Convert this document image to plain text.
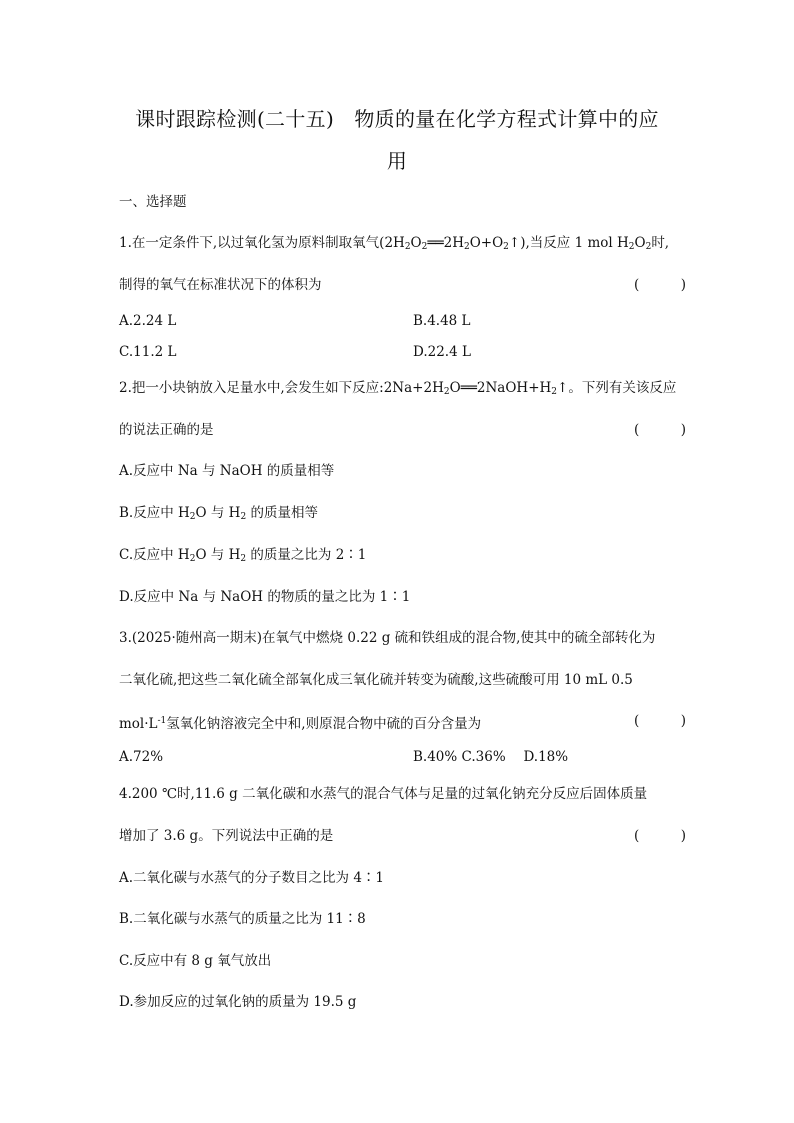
课时跟踪检测(二十五)　物质的量在化学方程式计算中的应
用
一、选择题
1.在一定条件下,以过氧化氢为原料制取氧气$(2H_2O_2══2H_2O+O_2↑)$,当反应 1 mol $H_2O_2$时,
制得的氧气在标准状况下的体积为	(　)
A.2.24 L	B.4.48 L
C.11.2 L	D.22.4 L
2.把一小块钠放入足量水中,会发生如下反应$:2Na+2H_2O══2NaOH+H_2↑$。下列有关该反应
的说法正确的是	(　)
A.反应中 Na 与 NaOH 的质量相等
B.反应中 $H_2O$ 与 $H_2$ 的质量相等
C.反应中 $H_2O$ 与 $H_2$ 的质量之比为 2∶1
D.反应中 Na 与 NaOH 的物质的量之比为 1∶1
3.(2025·随州高一期末)在氧气中燃烧 0.22 g 硫和铁组成的混合物,使其中的硫全部转化为
二氧化硫,把这些二氧化硫全部氧化成三氧化硫并转变为硫酸,这些硫酸可用 10 mL 0.5
$mol\cdot L^{-1}$氢氧化钠溶液完全中和,则原混合物中硫的百分含量为	(　)
A.72%	B.40% C.36%　 D.18%
4.200 ℃时,11.6 g 二氧化碳和水蒸气的混合气体与足量的过氧化钠充分反应后固体质量
增加了 3.6 g。下列说法中正确的是	(　)
A.二氧化碳与水蒸气的分子数目之比为 4∶1
B.二氧化碳与水蒸气的质量之比为 11∶8
C.反应中有 8 g 氧气放出
D.参加反应的过氧化钠的质量为 19.5 g
